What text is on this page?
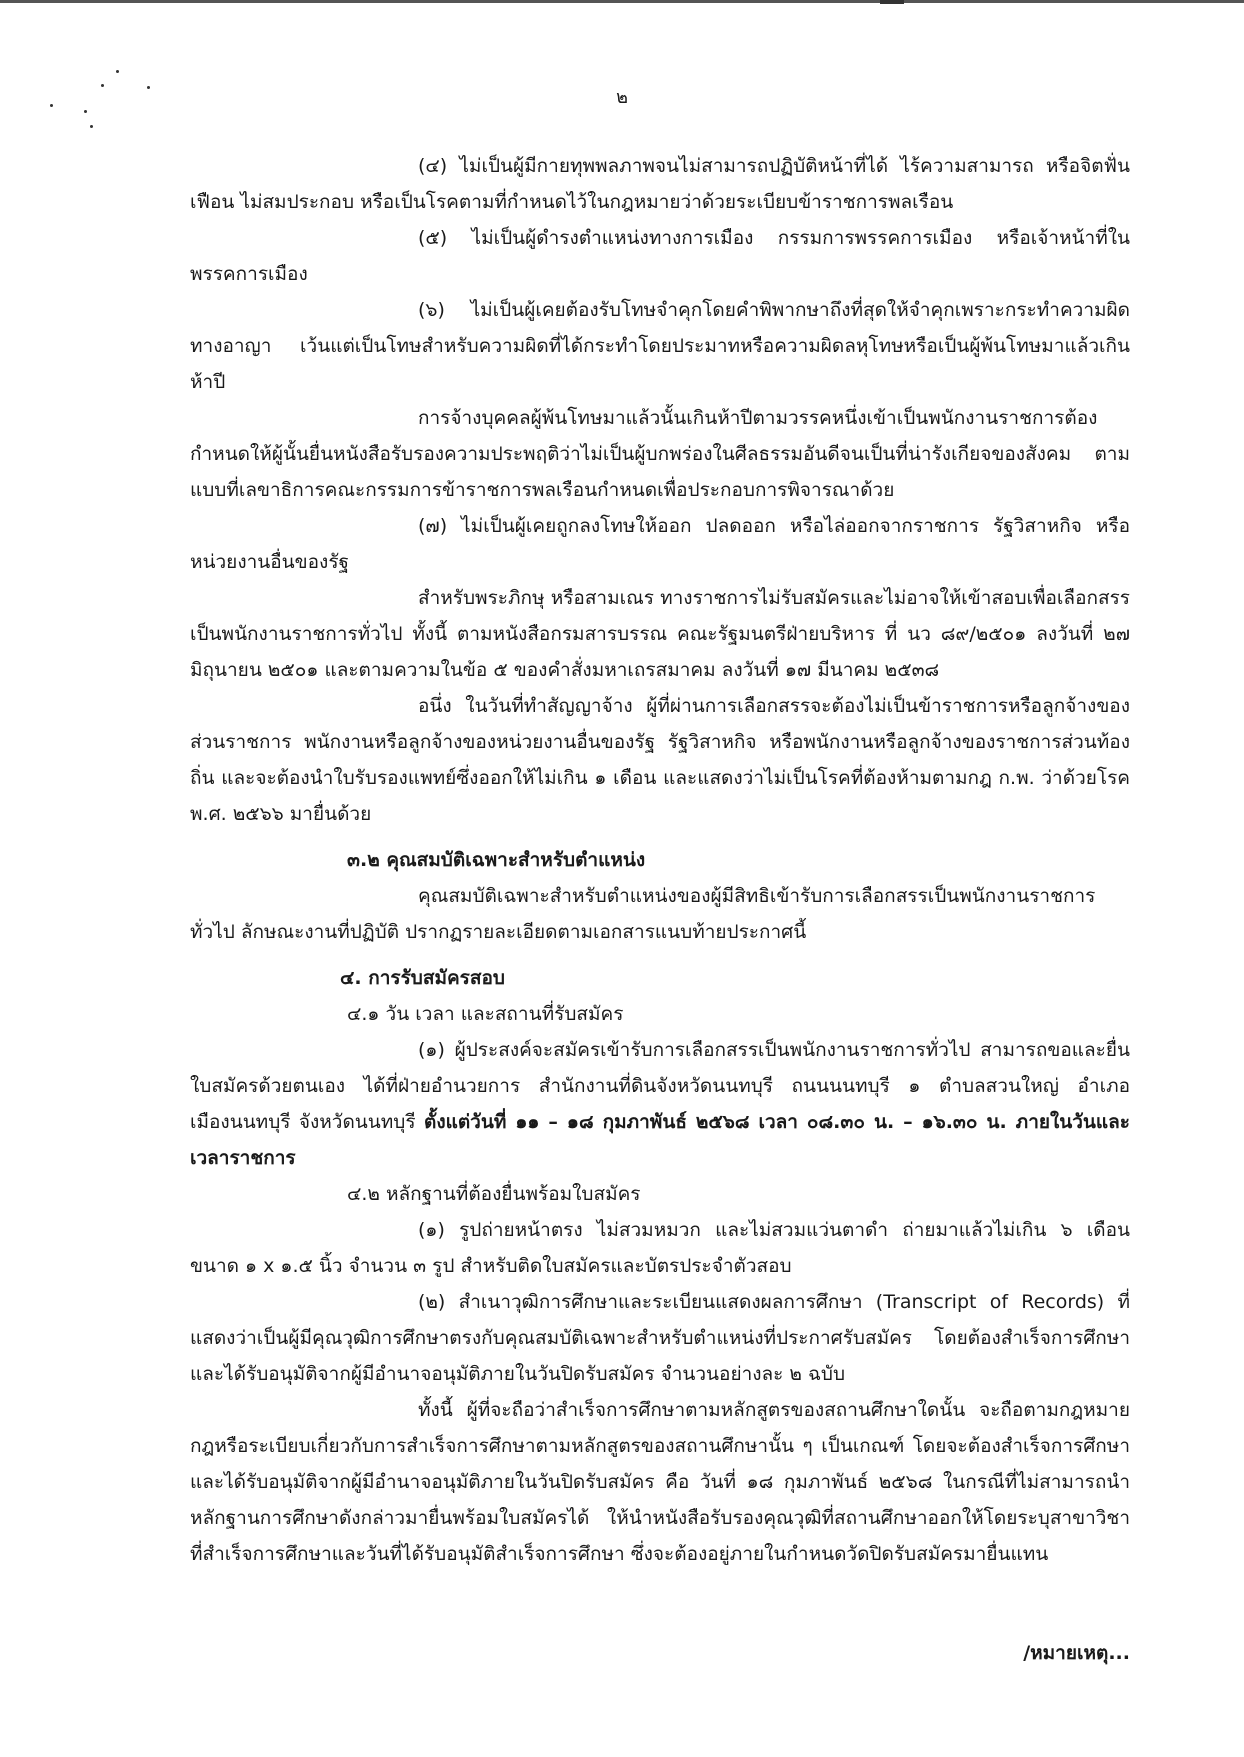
๒

(๔) ไม่เป็นผู้มีกายทุพพลภาพจนไม่สามารถปฏิบัติหน้าที่ได้ ไร้ความสามารถ หรือจิตฟั่นเฟือน ไม่สมประกอบ หรือเป็นโรคตามที่กำหนดไว้ในกฎหมายว่าด้วยระเบียบข้าราชการพลเรือน

(๕) ไม่เป็นผู้ดำรงตำแหน่งทางการเมือง กรรมการพรรคการเมือง หรือเจ้าหน้าที่ในพรรคการเมือง

(๖) ไม่เป็นผู้เคยต้องรับโทษจำคุกโดยคำพิพากษาถึงที่สุดให้จำคุกเพราะกระทำความผิดทางอาญา เว้นแต่เป็นโทษสำหรับความผิดที่ได้กระทำโดยประมาทหรือความผิดลหุโทษหรือเป็นผู้พ้นโทษมาแล้วเกินห้าปี

การจ้างบุคคลผู้พ้นโทษมาแล้วนั้นเกินห้าปีตามวรรคหนึ่งเข้าเป็นพนักงานราชการต้องกำหนดให้ผู้นั้นยื่นหนังสือรับรองความประพฤติว่าไม่เป็นผู้บกพร่องในศีลธรรมอันดีจนเป็นที่น่ารังเกียจของสังคม ตามแบบที่เลขาธิการคณะกรรมการข้าราชการพลเรือนกำหนดเพื่อประกอบการพิจารณาด้วย

(๗) ไม่เป็นผู้เคยถูกลงโทษให้ออก ปลดออก หรือไล่ออกจากราชการ รัฐวิสาหกิจ หรือหน่วยงานอื่นของรัฐ

สำหรับพระภิกษุ หรือสามเณร ทางราชการไม่รับสมัครและไม่อาจให้เข้าสอบเพื่อเลือกสรรเป็นพนักงานราชการทั่วไป ทั้งนี้ ตามหนังสือกรมสารบรรณ คณะรัฐมนตรีฝ่ายบริหาร ที่ นว ๘๙/๒๕๐๑ ลงวันที่ ๒๗ มิถุนายน ๒๕๐๑ และตามความในข้อ ๕ ของคำสั่งมหาเถรสมาคม ลงวันที่ ๑๗ มีนาคม ๒๕๓๘

อนึ่ง ในวันที่ทำสัญญาจ้าง ผู้ที่ผ่านการเลือกสรรจะต้องไม่เป็นข้าราชการหรือลูกจ้างของส่วนราชการ พนักงานหรือลูกจ้างของหน่วยงานอื่นของรัฐ รัฐวิสาหกิจ หรือพนักงานหรือลูกจ้างของราชการส่วนท้องถิ่น และจะต้องนำใบรับรองแพทย์ซึ่งออกให้ไม่เกิน ๑ เดือน และแสดงว่าไม่เป็นโรคที่ต้องห้ามตามกฎ ก.พ. ว่าด้วยโรค พ.ศ. ๒๕๖๖ มายื่นด้วย

๓.๒ คุณสมบัติเฉพาะสำหรับตำแหน่ง

คุณสมบัติเฉพาะสำหรับตำแหน่งของผู้มีสิทธิเข้ารับการเลือกสรรเป็นพนักงานราชการทั่วไป ลักษณะงานที่ปฏิบัติ ปรากฏรายละเอียดตามเอกสารแนบท้ายประกาศนี้

๔. การรับสมัครสอบ

๔.๑ วัน เวลา และสถานที่รับสมัคร

(๑) ผู้ประสงค์จะสมัครเข้ารับการเลือกสรรเป็นพนักงานราชการทั่วไป สามารถขอและยื่นใบสมัครด้วยตนเอง ได้ที่ฝ่ายอำนวยการ สำนักงานที่ดินจังหวัดนนทบุรี ถนนนนทบุรี ๑ ตำบลสวนใหญ่ อำเภอเมืองนนทบุรี จังหวัดนนทบุรี ตั้งแต่วันที่ ๑๑ – ๑๘ กุมภาพันธ์ ๒๕๖๘ เวลา ๐๘.๓๐ น. – ๑๖.๓๐ น. ภายในวันและเวลาราชการ

๔.๒ หลักฐานที่ต้องยื่นพร้อมใบสมัคร

(๑) รูปถ่ายหน้าตรง ไม่สวมหมวก และไม่สวมแว่นตาดำ ถ่ายมาแล้วไม่เกิน ๖ เดือน ขนาด ๑ x ๑.๕ นิ้ว จำนวน ๓ รูป สำหรับติดใบสมัครและบัตรประจำตัวสอบ

(๒) สำเนาวุฒิการศึกษาและระเบียนแสดงผลการศึกษา (Transcript of Records) ที่แสดงว่าเป็นผู้มีคุณวุฒิการศึกษาตรงกับคุณสมบัติเฉพาะสำหรับตำแหน่งที่ประกาศรับสมัคร โดยต้องสำเร็จการศึกษาและได้รับอนุมัติจากผู้มีอำนาจอนุมัติภายในวันปิดรับสมัคร จำนวนอย่างละ ๒ ฉบับ

ทั้งนี้ ผู้ที่จะถือว่าสำเร็จการศึกษาตามหลักสูตรของสถานศึกษาใดนั้น จะถือตามกฎหมาย กฎหรือระเบียบเกี่ยวกับการสำเร็จการศึกษาตามหลักสูตรของสถานศึกษานั้น ๆ เป็นเกณฑ์ โดยจะต้องสำเร็จการศึกษาและได้รับอนุมัติจากผู้มีอำนาจอนุมัติภายในวันปิดรับสมัคร คือ วันที่ ๑๘ กุมภาพันธ์ ๒๕๖๘ ในกรณีที่ไม่สามารถนำหลักฐานการศึกษาดังกล่าวมายื่นพร้อมใบสมัครได้ ให้นำหนังสือรับรองคุณวุฒิที่สถานศึกษาออกให้โดยระบุสาขาวิชาที่สำเร็จการศึกษาและวันที่ได้รับอนุมัติสำเร็จการศึกษา ซึ่งจะต้องอยู่ภายในกำหนดวัดปิดรับสมัครมายื่นแทน

/หมายเหตุ...
